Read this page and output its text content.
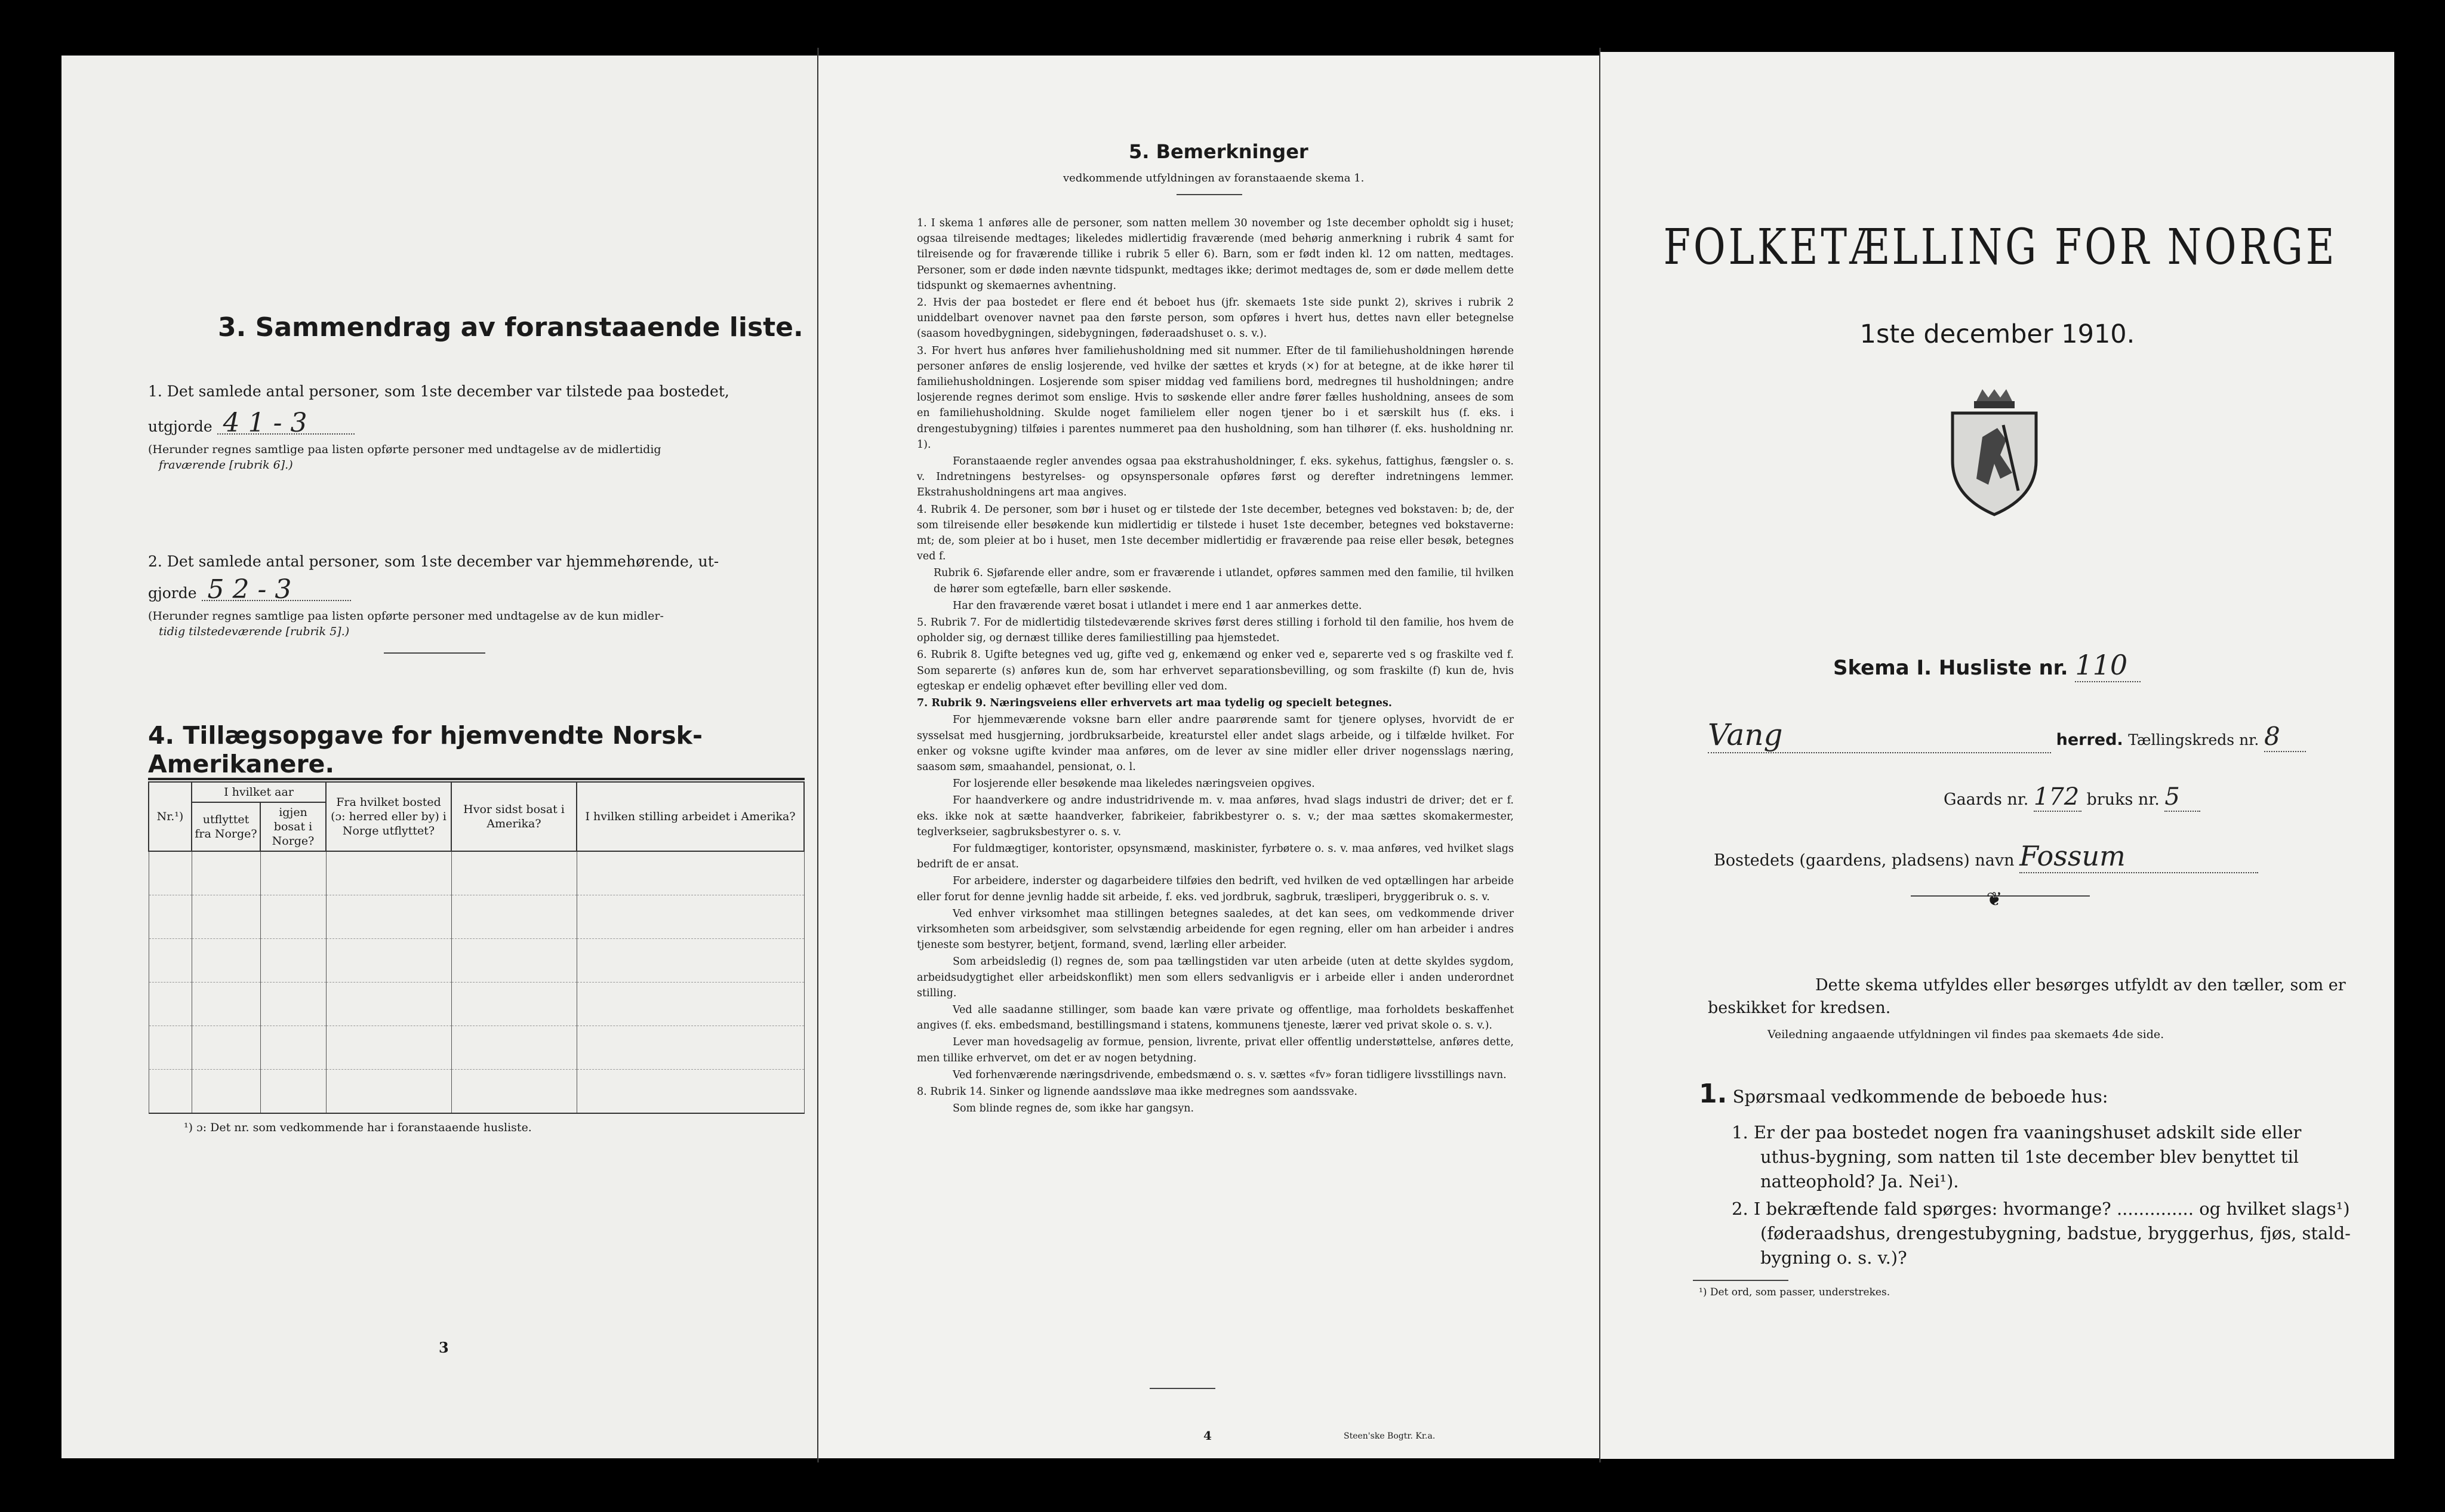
3. Sammendrag av foranstaaende liste.
1. Det samlede antal personer, som 1ste december var tilstede paa bostedet,
utgjorde 4 1 - 3
(Herunder regnes samtlige paa listen opførte personer med undtagelse av de midlertidig
fraværende [rubrik 6].)
2. Det samlede antal personer, som 1ste december var hjemmehørende, ut-
gjorde 5 2 - 3
(Herunder regnes samtlige paa listen opførte personer med undtagelse av de kun midler-
tidig tilstedeværende [rubrik 5].)
4. Tillægsopgave for hjemvendte Norsk-Amerikanere.
Nr.¹)	I hvilket aar		Fra hvilket bosted (ɔ: herred eller by) i Norge utflyttet?	Hvor sidst bosat i Amerika?	I hvilken stilling arbeidet i Amerika?
	utflyttet fra Norge?	igjen bosat i Norge?			

¹) ɔ: Det nr. som vedkommende har i foranstaaende husliste.
3
5. Bemerkninger
vedkommende utfyldningen av foranstaaende skema 1.

1. I skema 1 anføres alle de personer, som natten mellem 30 november og 1ste december opholdt sig i huset; ogsaa tilreisende medtages; likeledes midlertidig fraværende (med behørig anmerkning i rubrik 4 samt for tilreisende og for fraværende tillike i rubrik 5 eller 6). Barn, som er født inden kl. 12 om natten, medtages. Personer, som er døde inden nævnte tidspunkt, medtages ikke; derimot medtages de, som er døde mellem dette tidspunkt og skemaernes avhentning.

2. Hvis der paa bostedet er flere end ét beboet hus (jfr. skemaets 1ste side punkt 2), skrives i rubrik 2 uniddelbart ovenover navnet paa den første person, som opføres i hvert hus, dettes navn eller betegnelse (saasom hovedbygningen, sidebygningen, føderaadshuset o. s. v.).

3. For hvert hus anføres hver familiehusholdning med sit nummer. Efter de til familiehusholdningen hørende personer anføres de enslig losjerende, ved hvilke der sættes et kryds (×) for at betegne, at de ikke hører til familiehusholdningen. Losjerende som spiser middag ved familiens bord, medregnes til husholdningen; andre losjerende regnes derimot som enslige. Hvis to søskende eller andre fører fælles husholdning, ansees de som en familiehusholdning. Skulde noget familielem eller nogen tjener bo i et særskilt hus (f. eks. i drengestubygning) tilføies i parentes nummeret paa den husholdning, som han tilhører (f. eks. husholdning nr. 1).

Foranstaaende regler anvendes ogsaa paa ekstrahusholdninger, f. eks. sykehus, fattighus, fængsler o. s. v. Indretningens bestyrelses- og opsynspersonale opføres først og derefter indretningens lemmer. Ekstrahusholdningens art maa angives.

4. Rubrik 4. De personer, som bør i huset og er tilstede der 1ste december, betegnes ved bokstaven: b; de, der som tilreisende eller besøkende kun midlertidig er tilstede i huset 1ste december, betegnes ved bokstaverne: mt; de, som pleier at bo i huset, men 1ste december midlertidig er fraværende paa reise eller besøk, betegnes ved f.

Rubrik 6. Sjøfarende eller andre, som er fraværende i utlandet, opføres sammen med den familie, til hvilken de hører som egtefælle, barn eller søskende.

Har den fraværende været bosat i utlandet i mere end 1 aar anmerkes dette.

5. Rubrik 7. For de midlertidig tilstedeværende skrives først deres stilling i forhold til den familie, hos hvem de opholder sig, og dernæst tillike deres familiestilling paa hjemstedet.

6. Rubrik 8. Ugifte betegnes ved ug, gifte ved g, enkemænd og enker ved e, separerte ved s og fraskilte ved f. Som separerte (s) anføres kun de, som har erhvervet separationsbevilling, og som fraskilte (f) kun de, hvis egteskap er endelig ophævet efter bevilling eller ved dom.

7. Rubrik 9. Næringsveiens eller erhvervets art maa tydelig og specielt betegnes.

For hjemmeværende voksne barn eller andre paarørende samt for tjenere oplyses, hvorvidt de er sysselsat med husgjerning, jordbruksarbeide, kreaturstel eller andet slags arbeide, og i tilfælde hvilket. For enker og voksne ugifte kvinder maa anføres, om de lever av sine midler eller driver nogensslags næring, saasom søm, smaahandel, pensionat, o. l.

For losjerende eller besøkende maa likeledes næringsveien opgives.

For haandverkere og andre industridrivende m. v. maa anføres, hvad slags industri de driver; det er f. eks. ikke nok at sætte haandverker, fabrikeier, fabrikbestyrer o. s. v.; der maa sættes skomakermester, teglverkseier, sagbruksbestyrer o. s. v.

For fuldmægtiger, kontorister, opsynsmænd, maskinister, fyrbøtere o. s. v. maa anføres, ved hvilket slags bedrift de er ansat.

For arbeidere, inderster og dagarbeidere tilføies den bedrift, ved hvilken de ved optællingen har arbeide eller forut for denne jevnlig hadde sit arbeide, f. eks. ved jordbruk, sagbruk, træsliperi, bryggeribruk o. s. v.

Ved enhver virksomhet maa stillingen betegnes saaledes, at det kan sees, om vedkommende driver virksomheten som arbeidsgiver, som selvstændig arbeidende for egen regning, eller om han arbeider i andres tjeneste som bestyrer, betjent, formand, svend, lærling eller arbeider.

Som arbeidsledig (l) regnes de, som paa tællingstiden var uten arbeide (uten at dette skyldes sygdom, arbeidsudygtighet eller arbeidskonflikt) men som ellers sedvanligvis er i arbeide eller i anden underordnet stilling.

Ved alle saadanne stillinger, som baade kan være private og offentlige, maa forholdets beskaffenhet angives (f. eks. embedsmand, bestillingsmand i statens, kommunens tjeneste, lærer ved privat skole o. s. v.).

Lever man hovedsagelig av formue, pension, livrente, privat eller offentlig understøttelse, anføres dette, men tillike erhvervet, om det er av nogen betydning.

Ved forhenværende næringsdrivende, embedsmænd o. s. v. sættes «fv» foran tidligere livsstillings navn.

8. Rubrik 14. Sinker og lignende aandssløve maa ikke medregnes som aandssvake.

Som blinde regnes de, som ikke har gangsyn.

4	Steen'ske Bogtr. Kr.a.
FOLKETÆLLING FOR NORGE
1ste december 1910.
Skema I. Husliste nr. 110
Vang	herred. Tællingskreds nr. 8
Gaards nr. 172 bruks nr. 5
Bostedets (gaardens, pladsens) navn Fossum
❦
Dette skema utfyldes eller besørges utfyldt av den tæller, som er
beskikket for kredsen.
Veiledning angaaende utfyldningen vil findes paa skemaets 4de side.
1. Spørsmaal vedkommende de beboede hus:
1. Er der paa bostedet nogen fra vaaningshuset adskilt side eller
uthus-bygning, som natten til 1ste december blev benyttet til
natteophold? Ja. Nei¹).
2. I bekræftende fald spørges: hvormange? .............. og hvilket slags¹)
(føderaadshus, drengestubygning, badstue, bryggerhus, fjøs, stald-
bygning o. s. v.)?
¹) Det ord, som passer, understrekes.
